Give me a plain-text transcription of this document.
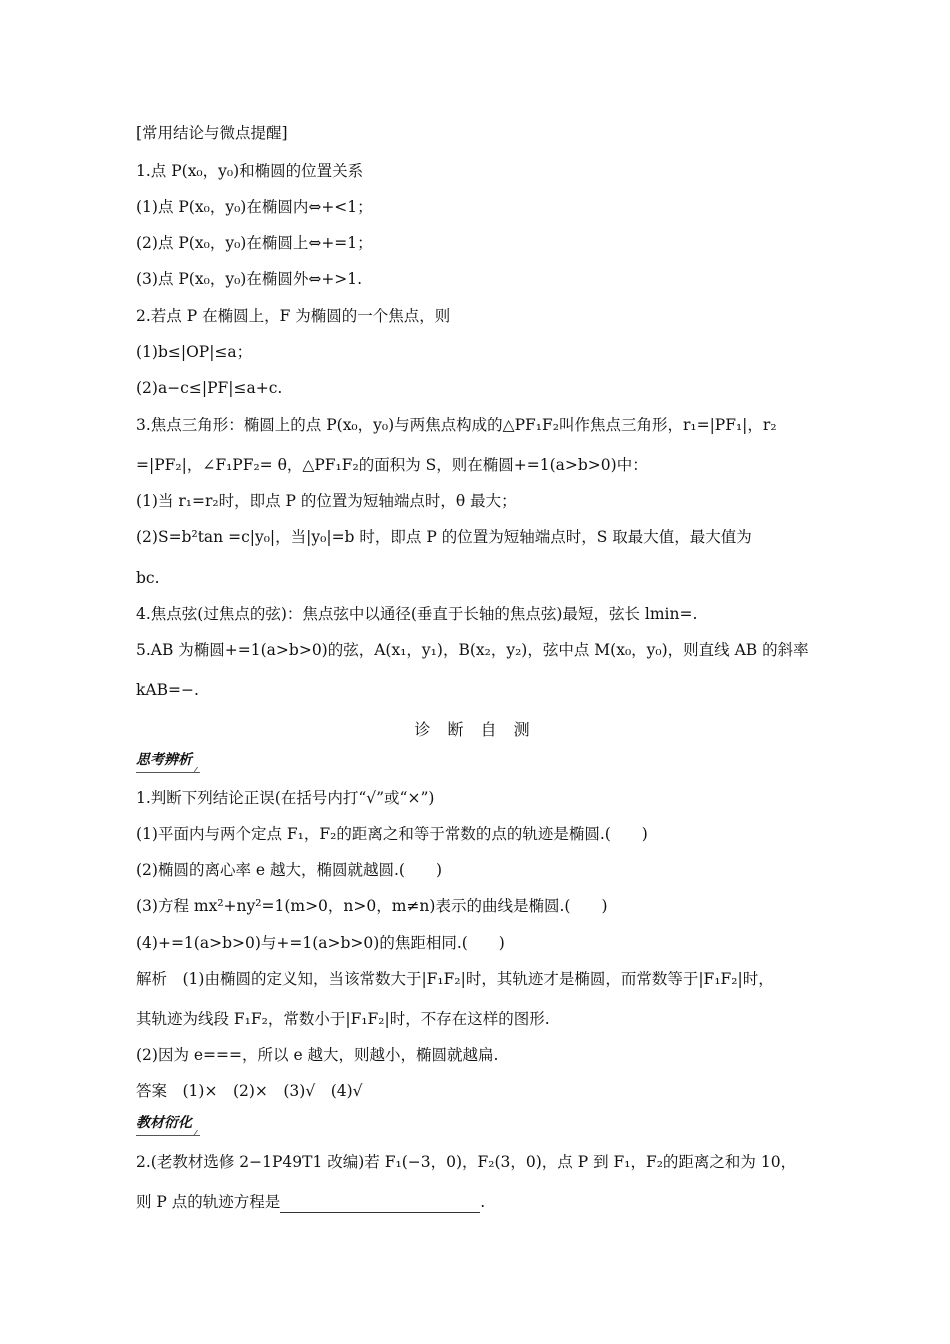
[常用结论与微点提醒]
1.点 P(x₀，y₀)和椭圆的位置关系
(1)点 P(x₀，y₀)在椭圆内⇔+<1；
(2)点 P(x₀，y₀)在椭圆上⇔+=1；
(3)点 P(x₀，y₀)在椭圆外⇔+>1.
2.若点 P 在椭圆上，F 为椭圆的一个焦点，则
(1)b≤|OP|≤a；
(2)a−c≤|PF|≤a+c.
3.焦点三角形：椭圆上的点 P(x₀，y₀)与两焦点构成的△PF₁F₂叫作焦点三角形，r₁=|PF₁|，r₂
=|PF₂|，∠F₁PF₂= θ，△PF₁F₂的面积为 S，则在椭圆+=1(a>b>0)中：
(1)当 r₁=r₂时，即点 P 的位置为短轴端点时，θ 最大；
(2)S=b²tan =c|y₀|，当|y₀|=b 时，即点 P 的位置为短轴端点时，S 取最大值，最大值为
bc.
4.焦点弦(过焦点的弦)：焦点弦中以通径(垂直于长轴的焦点弦)最短，弦长 lmin=.
5.AB 为椭圆+=1(a>b>0)的弦，A(x₁，y₁)，B(x₂，y₂)，弦中点 M(x₀，y₀)，则直线 AB 的斜率
kAB=−.
诊 断 自 测
思考辨析
1.判断下列结论正误(在括号内打“√”或“×”)
(1)平面内与两个定点 F₁，F₂的距离之和等于常数的点的轨迹是椭圆.(　　)
(2)椭圆的离心率 e 越大，椭圆就越圆.(　　)
(3)方程 mx²+ny²=1(m>0，n>0，m≠n)表示的曲线是椭圆.(　　)
(4)+=1(a>b>0)与+=1(a>b>0)的焦距相同.(　　)
解析　(1)由椭圆的定义知，当该常数大于|F₁F₂|时，其轨迹才是椭圆，而常数等于|F₁F₂|时，
其轨迹为线段 F₁F₂，常数小于|F₁F₂|时，不存在这样的图形.
(2)因为 e===，所以 e 越大，则越小，椭圆就越扁.
答案　(1)×　(2)×　(3)√　(4)√
教材衍化
2.(老教材选修 2−1P49T1 改编)若 F₁(−3，0)，F₂(3，0)，点 P 到 F₁，F₂的距离之和为 10，
则 P 点的轨迹方程是	.
